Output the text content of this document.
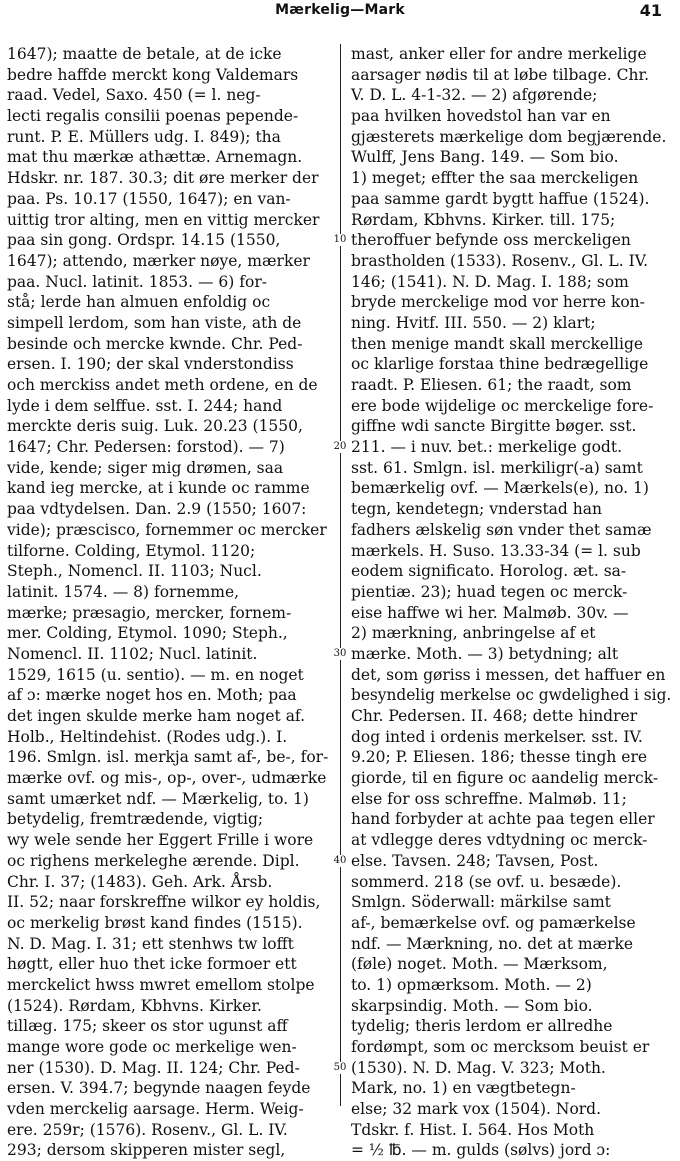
Mærkelig—Mark	41
1647); maatte de betale, at de icke
bedre haffde merckt kong Valdemars
raad. Vedel, Saxo. 450 (= l. neg-
lecti regalis consilii poenas pepende-
runt. P. E. Müllers udg. I. 849); tha
mat thu mærkæ athættæ. Arnemagn.
Hdskr. nr. 187. 30.3; dit øre merker der
paa. Ps. 10.17 (1550, 1647); en van-
uittig tror alting, men en vittig mercker
paa sin gong. Ordspr. 14.15 (1550,
1647); attendo, mærker nøye, mærker
paa. Nucl. latinit. 1853. — 6) for-
stå; lerde han almuen enfoldig oc
simpell lerdom, som han viste, ath de
besinde och mercke kwnde. Chr. Ped-
ersen. I. 190; der skal vnderstondiss
och merckiss andet meth ordene, en de
lyde i dem selffue. sst. I. 244; hand
merckte deris suig. Luk. 20.23 (1550,
1647; Chr. Pedersen: forstod). — 7)
vide, kende; siger mig drømen, saa
kand ieg mercke, at i kunde oc ramme
paa vdtydelsen. Dan. 2.9 (1550; 1607:
vide); præscisco, fornemmer oc mercker
tilforne. Colding, Etymol. 1120;
Steph., Nomencl. II. 1103; Nucl.
latinit. 1574. — 8) fornemme,
mærke; præsagio, mercker, fornem-
mer. Colding, Etymol. 1090; Steph.,
Nomencl. II. 1102; Nucl. latinit.
1529, 1615 (u. sentio). — m. en noget
af ɔ: mærke noget hos en. Moth; paa
det ingen skulde merke ham noget af.
Holb., Heltindehist. (Rodes udg.). I.
196. Smlgn. isl. merkja samt af-, be-, for-
mærke ovf. og mis-, op-, over-, udmærke
samt umærket ndf. — Mærkelig, to. 1)
betydelig, fremtrædende, vigtig;
wy wele sende her Eggert Frille i wore
oc righens merkeleghe ærende. Dipl.
Chr. I. 37; (1483). Geh. Ark. Årsb.
II. 52; naar forskreffne wilkor ey holdis,
oc merkelig brøst kand findes (1515).
N. D. Mag. I. 31; ett stenhws tw lofft
høgtt, eller huo thet icke formoer ett
merckelict hwss mwret emellom stolpe
(1524). Rørdam, Kbhvns. Kirker.
tillæg. 175; skeer os stor ugunst aff
mange wore gode oc merkelige wen-
ner (1530). D. Mag. II. 124; Chr. Ped-
ersen. V. 394.7; begynde naagen feyde
vden merckelig aarsage. Herm. Weig-
ere. 259r; (1576). Rosenv., Gl. L. IV.
293; dersom skipperen mister segl,
mast, anker eller for andre merkelige
aarsager nødis til at løbe tilbage. Chr.
V. D. L. 4-1-32. — 2) afgørende;
paa hvilken hovedstol han var en
gjæsterets mærkelige dom begjærende.
Wulff, Jens Bang. 149. — Som bio.
1) meget; effter the saa merckeligen
paa samme gardt bygtt haffue (1524).
Rørdam, Kbhvns. Kirker. till. 175;
theroffuer befynde oss merckeligen
brastholden (1533). Rosenv., Gl. L. IV.
146; (1541). N. D. Mag. I. 188; som
bryde merckelige mod vor herre kon-
ning. Hvitf. III. 550. — 2) klart;
then menige mandt skall merckellige
oc klarlige forstaa thine bedrægellige
raadt. P. Eliesen. 61; the raadt, som
ere bode wijdelige oc merckelige fore-
giffne wdi sancte Birgitte bøger. sst.
211. — i nuv. bet.: merkelige godt.
sst. 61. Smlgn. isl. merkiligr(-a) samt
bemærkelig ovf. — Mærkels(e), no. 1)
tegn, kendetegn; vnderstad han
fadhers ælskelig søn vnder thet samæ
mærkels. H. Suso. 13.33-34 (= l. sub
eodem significato. Horolog. æt. sa-
pientiæ. 23); huad tegen oc merck-
eise haffwe wi her. Malmøb. 30v. —
2) mærkning, anbringelse af et
mærke. Moth. — 3) betydning; alt
det, som gøriss i messen, det haffuer en
besyndelig merkelse oc gwdelighed i sig.
Chr. Pedersen. II. 468; dette hindrer
dog inted i ordenis merkelser. sst. IV.
9.20; P. Eliesen. 186; thesse tingh ere
giorde, til en figure oc aandelig merck-
else for oss schreffne. Malmøb. 11;
hand forbyder at achte paa tegen eller
at vdlegge deres vdtydning oc merck-
else. Tavsen. 248; Tavsen, Post.
sommerd. 218 (se ovf. u. besæde).
Smlgn. Söderwall: märkilse samt
af-, bemærkelse ovf. og pamærkelse
ndf. — Mærkning, no. det at mærke
(føle) noget. Moth. — Mærksom,
to. 1) opmærksom. Moth. — 2)
skarpsindig. Moth. — Som bio.
tydelig; theris lerdom er allredhe
fordømpt, som oc mercksom beuist er
(1530). N. D. Mag. V. 323; Moth.
Mark, no. 1) en vægtbetegn-
else; 32 mark vox (1504). Nord.
Tdskr. f. Hist. I. 564. Hos Moth
= ½ ℔. — m. gulds (sølvs) jord ɔ:
10
20
30
40
50
